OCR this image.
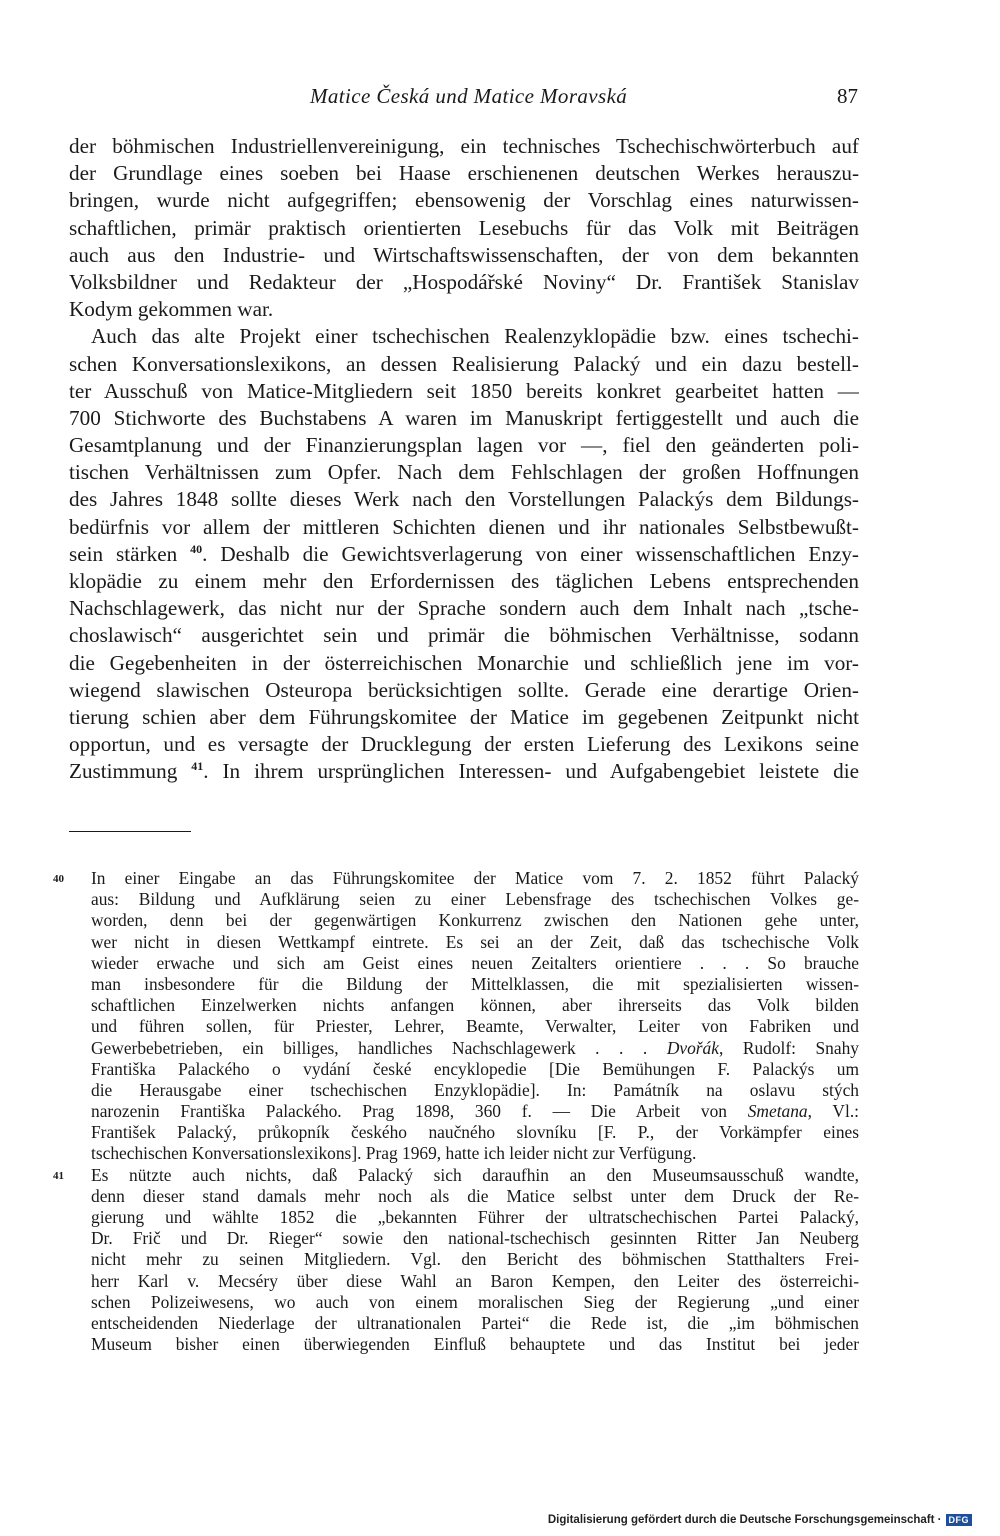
Matice Česká und Matice Moravská	87
der böhmischen Industriellenvereinigung, ein technisches Tschechischwörterbuch auf
der Grundlage eines soeben bei Haase erschienenen deutschen Werkes herauszu-
bringen, wurde nicht aufgegriffen; ebensowenig der Vorschlag eines naturwissen-
schaftlichen, primär praktisch orientierten Lesebuchs für das Volk mit Beiträgen
auch aus den Industrie- und Wirtschaftswissenschaften, der von dem bekannten
Volksbildner und Redakteur der „Hospodářské Noviny“ Dr. František Stanislav
Kodym gekommen war.
Auch das alte Projekt einer tschechischen Realenzyklopädie bzw. eines tschechi-
schen Konversationslexikons, an dessen Realisierung Palacký und ein dazu bestell-
ter Ausschuß von Matice-Mitgliedern seit 1850 bereits konkret gearbeitet hatten —
700 Stichworte des Buchstabens A waren im Manuskript fertiggestellt und auch die
Gesamtplanung und der Finanzierungsplan lagen vor —, fiel den geänderten poli-
tischen Verhältnissen zum Opfer. Nach dem Fehlschlagen der großen Hoffnungen
des Jahres 1848 sollte dieses Werk nach den Vorstellungen Palackýs dem Bildungs-
bedürfnis vor allem der mittleren Schichten dienen und ihr nationales Selbstbewußt-
sein stärken $^{40}$. Deshalb die Gewichtsverlagerung von einer wissenschaftlichen Enzy-
klopädie zu einem mehr den Erfordernissen des täglichen Lebens entsprechenden
Nachschlagewerk, das nicht nur der Sprache sondern auch dem Inhalt nach „tsche-
choslawisch“ ausgerichtet sein und primär die böhmischen Verhältnisse, sodann
die Gegebenheiten in der österreichischen Monarchie und schließlich jene im vor-
wiegend slawischen Osteuropa berücksichtigen sollte. Gerade eine derartige Orien-
tierung schien aber dem Führungskomitee der Matice im gegebenen Zeitpunkt nicht
opportun, und es versagte der Drucklegung der ersten Lieferung des Lexikons seine
Zustimmung $^{41}$. In ihrem ursprünglichen Interessen- und Aufgabengebiet leistete die
40 In einer Eingabe an das Führungskomitee der Matice vom 7. 2. 1852 führt Palacký
aus: Bildung und Aufklärung seien zu einer Lebensfrage des tschechischen Volkes ge-
worden, denn bei der gegenwärtigen Konkurrenz zwischen den Nationen gehe unter,
wer nicht in diesen Wettkampf eintrete. Es sei an der Zeit, daß das tschechische Volk
wieder erwache und sich am Geist eines neuen Zeitalters orientiere . . . So brauche
man insbesondere für die Bildung der Mittelklassen, die mit spezialisierten wissen-
schaftlichen Einzelwerken nichts anfangen können, aber ihrerseits das Volk bilden
und führen sollen, für Priester, Lehrer, Beamte, Verwalter, Leiter von Fabriken und
Gewerbebetrieben, ein billiges, handliches Nachschlagewerk . . . Dvořák, Rudolf: Snahy
Františka Palackého o vydání české encyklopedie [Die Bemühungen F. Palackýs um
die Herausgabe einer tschechischen Enzyklopädie]. In: Památník na oslavu stých
narozenin Františka Palackého. Prag 1898, 360 f. — Die Arbeit von Smetana, Vl.:
František Palacký, průkopník českého naučného slovníku [F. P., der Vorkämpfer eines
tschechischen Konversationslexikons]. Prag 1969, hatte ich leider nicht zur Verfügung.
41 Es nützte auch nichts, daß Palacký sich daraufhin an den Museumsausschuß wandte,
denn dieser stand damals mehr noch als die Matice selbst unter dem Druck der Re-
gierung und wählte 1852 die „bekannten Führer der ultratschechischen Partei Palacký,
Dr. Frič und Dr. Rieger“ sowie den national-tschechisch gesinnten Ritter Jan Neuberg
nicht mehr zu seinen Mitgliedern. Vgl. den Bericht des böhmischen Statthalters Frei-
herr Karl v. Mecséry über diese Wahl an Baron Kempen, den Leiter des österreichi-
schen Polizeiwesens, wo auch von einem moralischen Sieg der Regierung „und einer
entscheidenden Niederlage der ultranationalen Partei“ die Rede ist, die „im böhmischen
Museum bisher einen überwiegenden Einfluß behauptete und das Institut bei jeder
Digitalisierung gefördert durch die Deutsche Forschungsgemeinschaft · DFG
